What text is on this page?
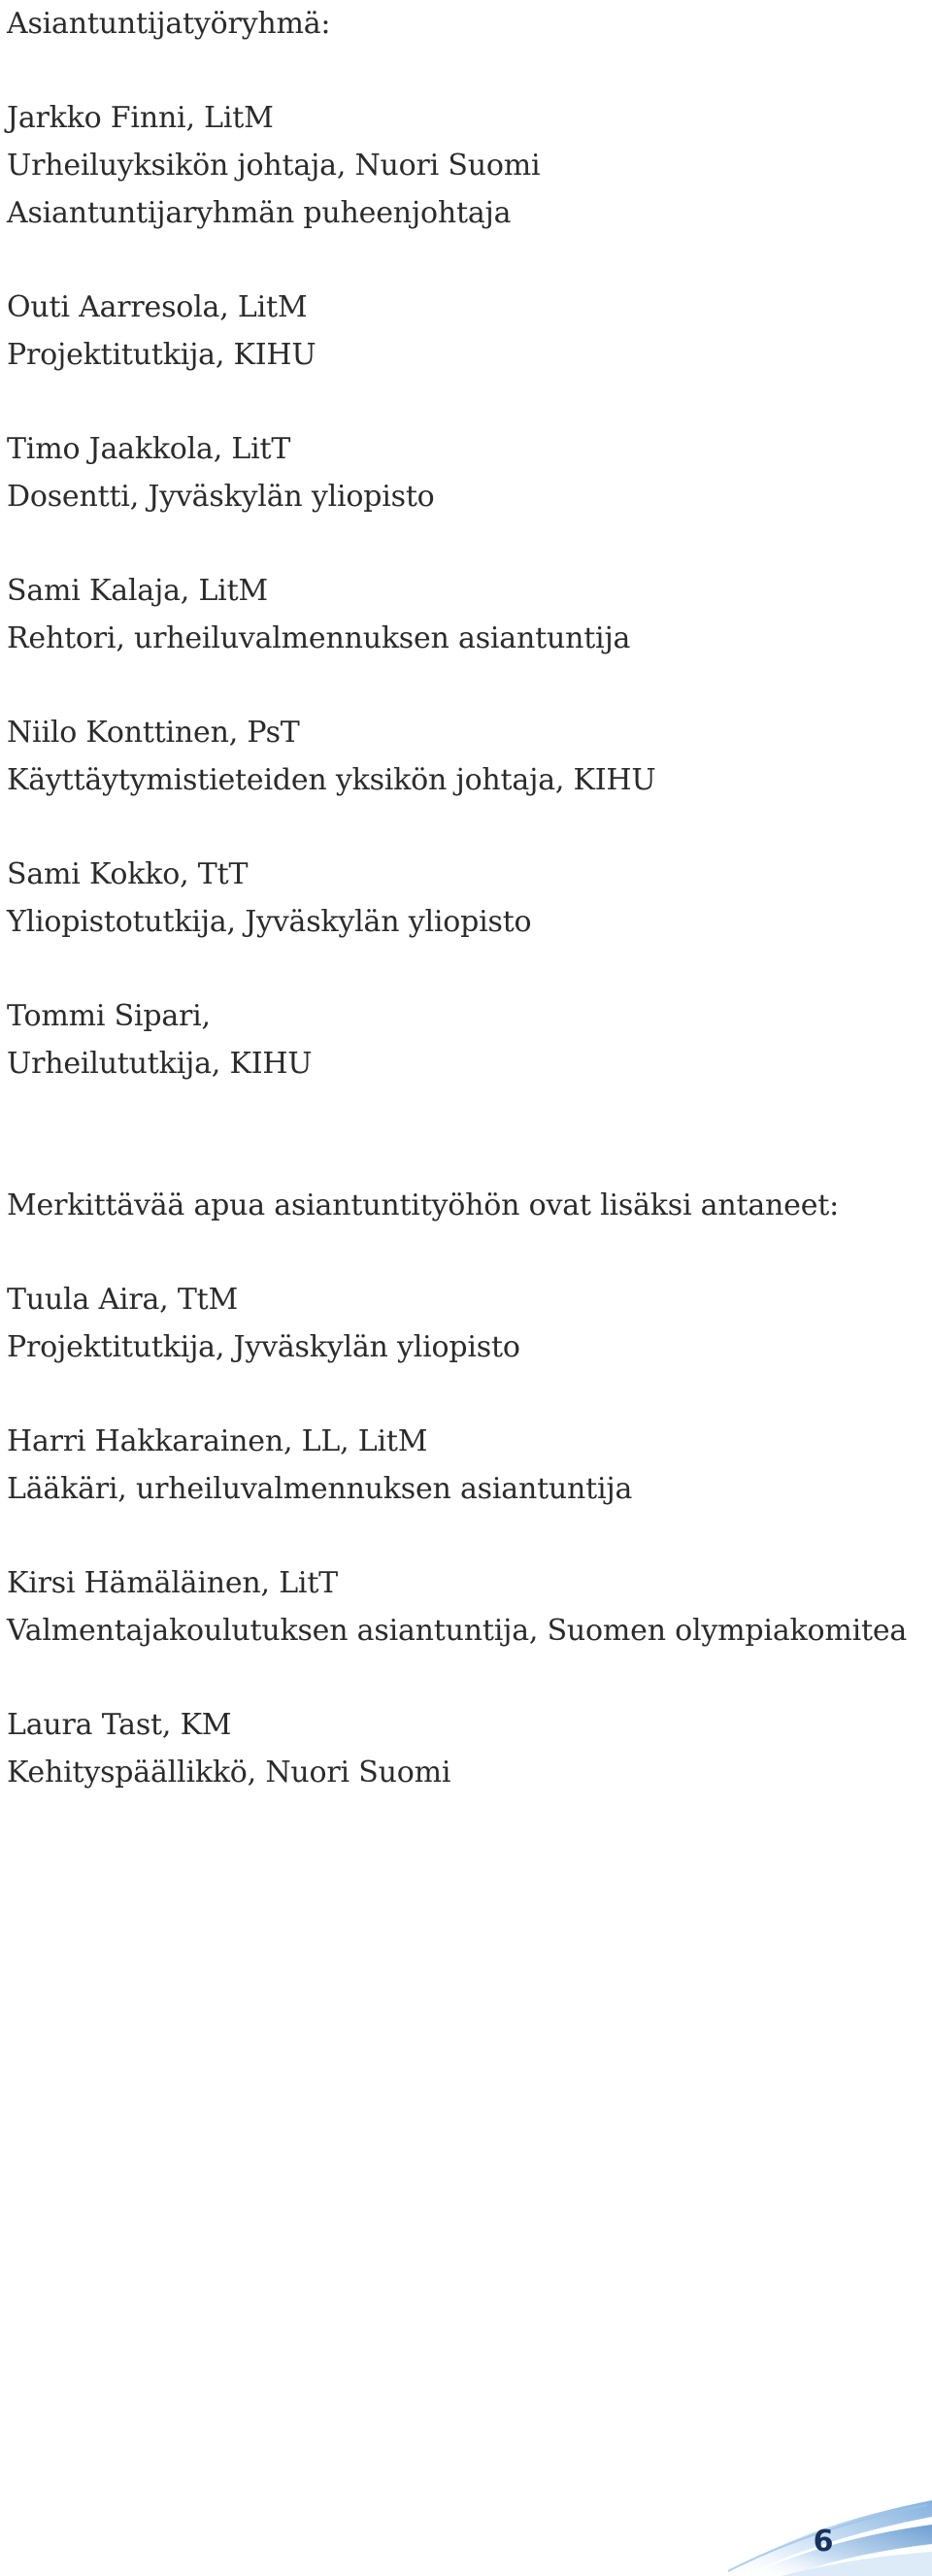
Asiantuntijatyöryhmä:
Jarkko Finni, LitM
Urheiluyksikön johtaja, Nuori Suomi
Asiantuntijaryhmän puheenjohtaja
Outi Aarresola, LitM
Projektitutkija, KIHU
Timo Jaakkola, LitT
Dosentti, Jyväskylän yliopisto
Sami Kalaja, LitM
Rehtori, urheiluvalmennuksen asiantuntija
Niilo Konttinen, PsT
Käyttäytymistieteiden yksikön johtaja, KIHU
Sami Kokko, TtT
Yliopistotutkija, Jyväskylän yliopisto
Tommi Sipari,
Urheilututkija, KIHU
Merkittävää apua asiantuntityöhön ovat lisäksi antaneet:
Tuula Aira, TtM
Projektitutkija, Jyväskylän yliopisto
Harri Hakkarainen, LL, LitM
Lääkäri, urheiluvalmennuksen asiantuntija
Kirsi Hämäläinen, LitT
Valmentajakoulutuksen asiantuntija, Suomen olympiakomitea
Laura Tast, KM
Kehityspäällikkö, Nuori Suomi
6
